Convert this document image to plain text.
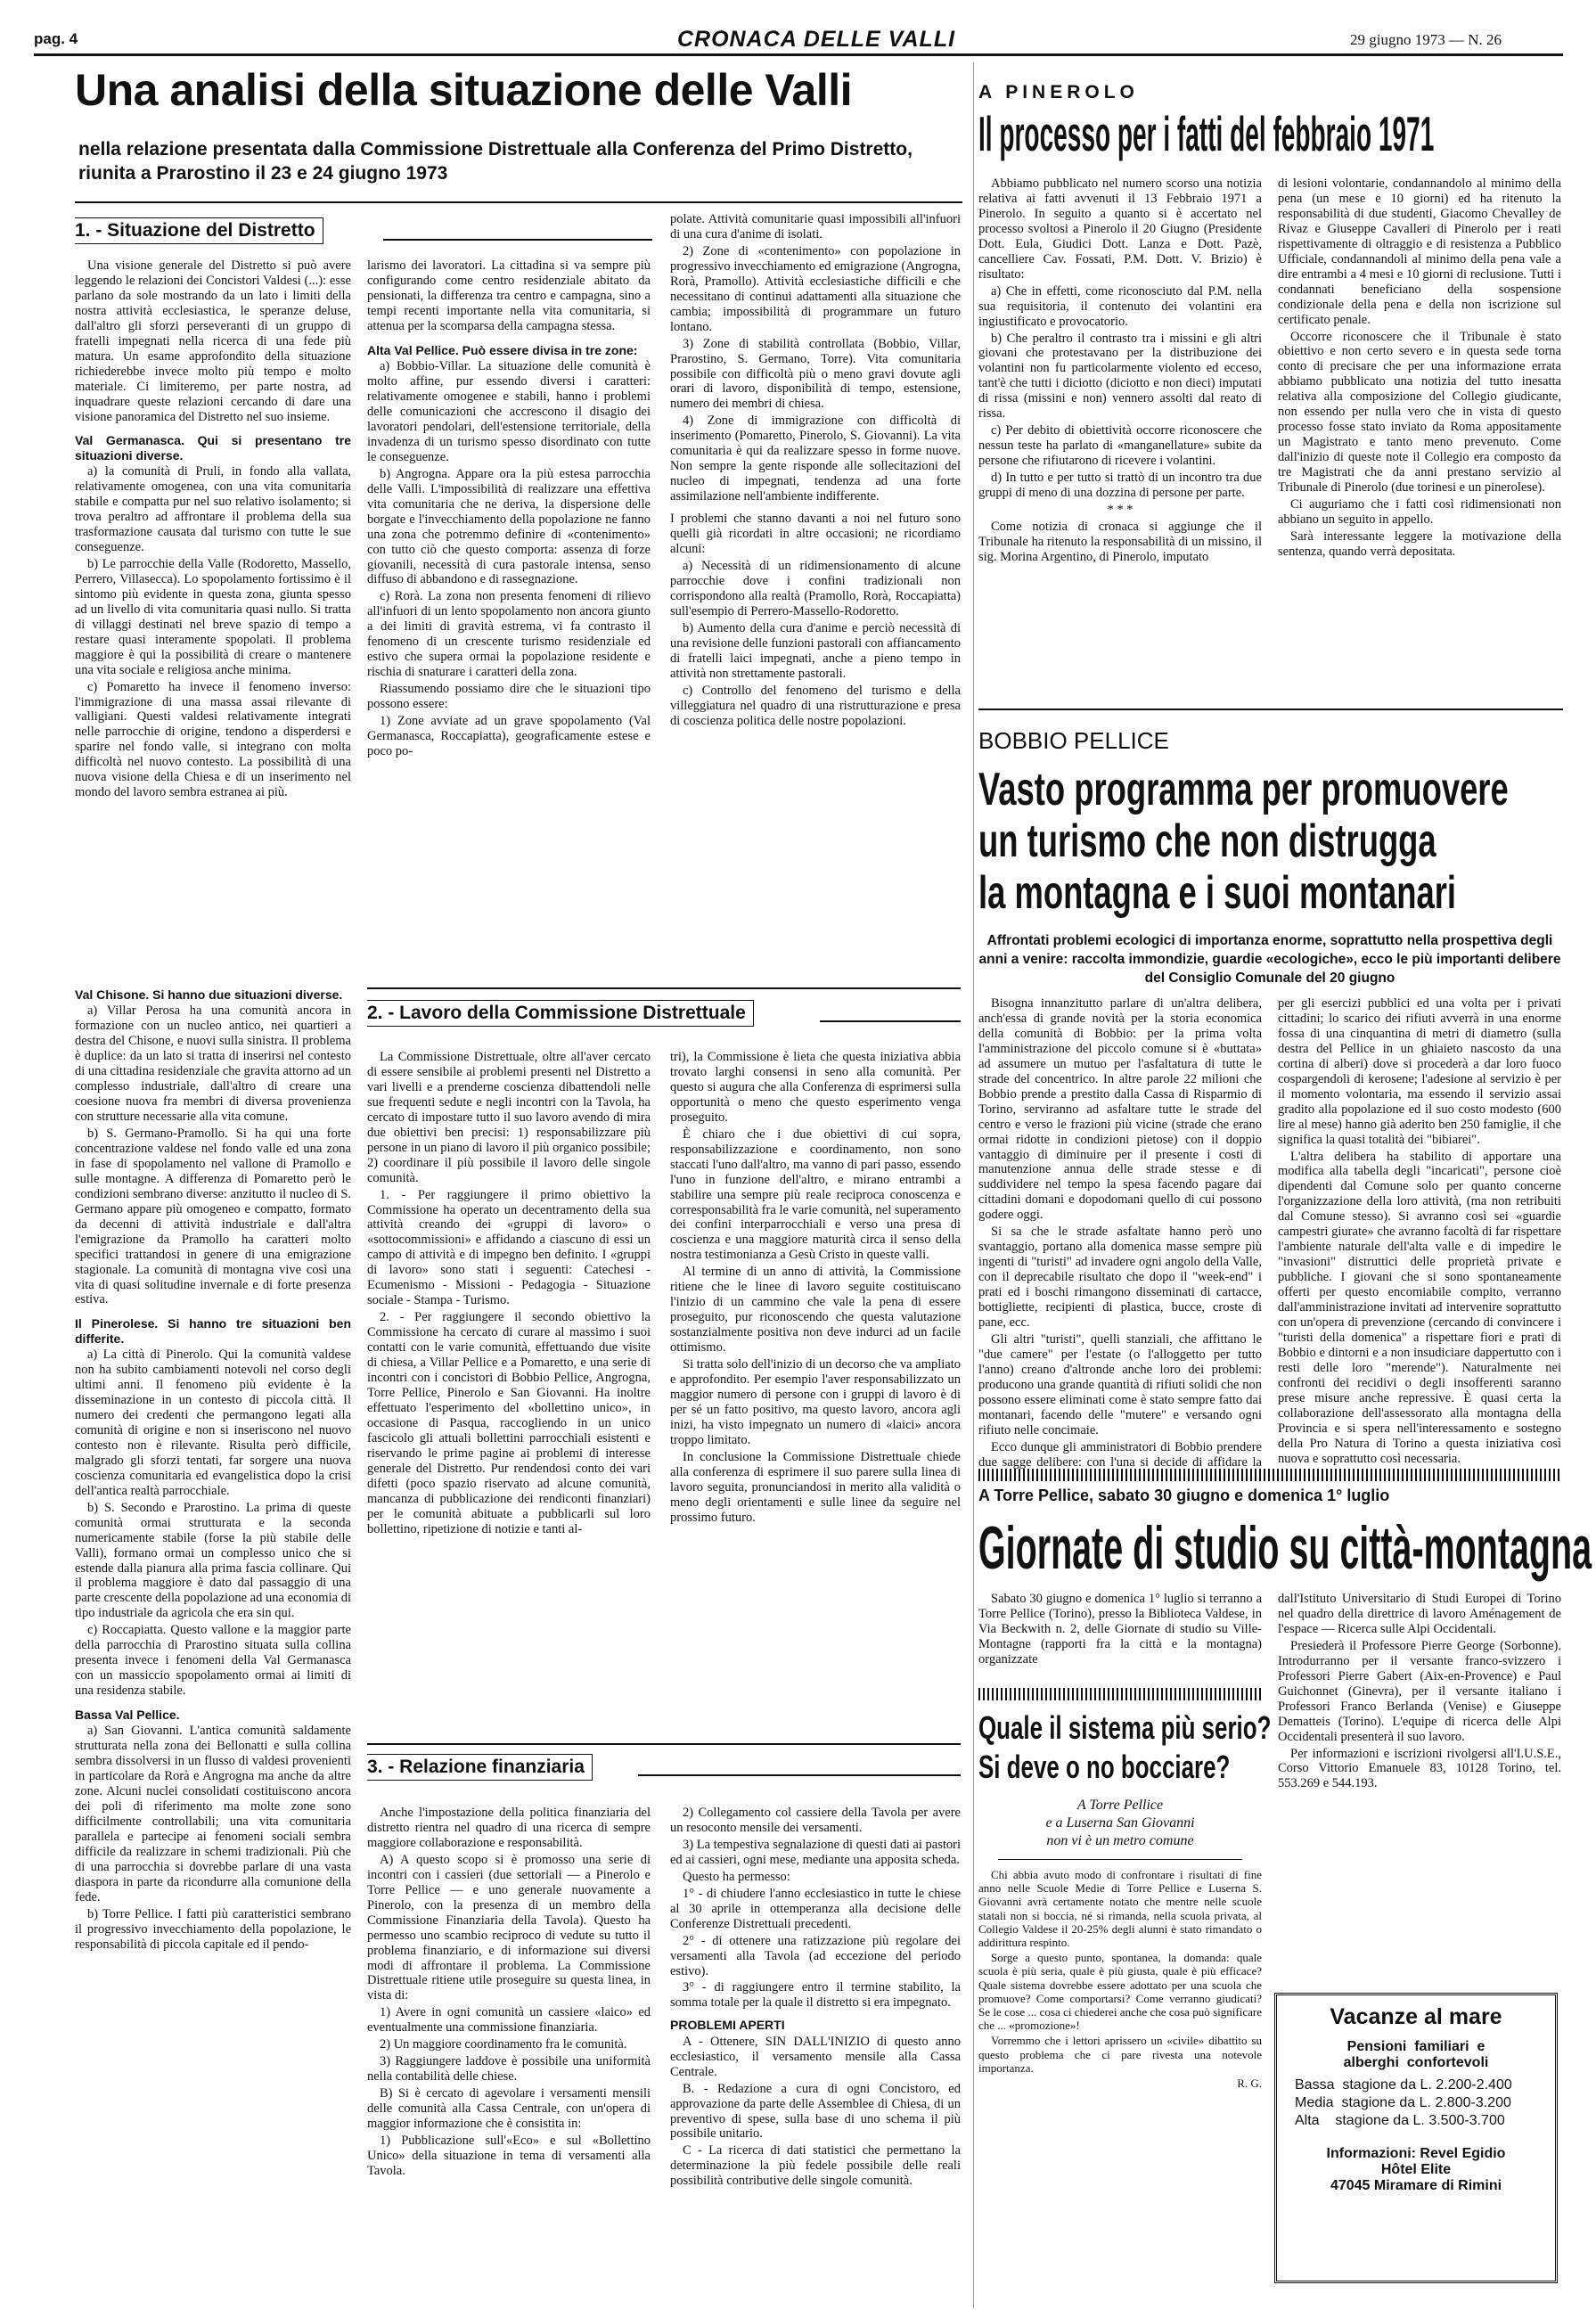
pag. 4	CRONACA DELLE VALLI	29 giugno 1973 — N. 26
Una analisi della situazione delle Valli
nella relazione presentata dalla Commissione Distrettuale alla Conferenza del Primo Distretto, riunita a Prarostino il 23 e 24 giugno 1973
1. - Situazione del Distretto

Una visione generale del Distretto si può avere leggendo le relazioni dei Concistori Valdesi (...): esse parlano da sole mostrando da un lato i limiti della nostra attività ecclesiastica, le speranze deluse, dall'altro gli sforzi perseveranti di un gruppo di fratelli impegnati nella ricerca di una fede più matura. Un esame approfondito della situazione richiederebbe invece molto più tempo e molto materiale. Ci limiteremo, per parte nostra, ad inquadrare queste relazioni cercando di dare una visione panoramica del Distretto nel suo insieme.

Val Germanasca. Qui si presentano tre situazioni diverse.

a) la comunità di Pruli, in fondo alla vallata, relativamente omogenea, con una vita comunitaria stabile e compatta pur nel suo relativo isolamento; si trova peraltro ad affrontare il problema della sua trasformazione causata dal turismo con tutte le sue conseguenze.

b) Le parrocchie della Valle (Rodoretto, Massello, Perrero, Villasecca). Lo spopolamento fortissimo è il sintomo più evidente in questa zona, giunta spesso ad un livello di vita comunitaria quasi nullo. Si tratta di villaggi destinati nel breve spazio di tempo a restare quasi interamente spopolati. Il problema maggiore è qui la possibilità di creare o mantenere una vita sociale e religiosa anche minima.

c) Pomaretto ha invece il fenomeno inverso: l'immigrazione di una massa assai rilevante di valligiani. Questi valdesi relativamente integrati nelle parrocchie di origine, tendono a disperdersi e sparire nel fondo valle, si integrano con molta difficoltà nel nuovo contesto. La possibilità di una nuova visione della Chiesa e di un inserimento nel mondo del lavoro sembra estranea ai più.

larismo dei lavoratori. La cittadina si va sempre più configurando come centro residenziale abitato da pensionati, la differenza tra centro e campagna, sino a tempi recenti importante nella vita comunitaria, si attenua per la scomparsa della campagna stessa.

Alta Val Pellice. Può essere divisa in tre zone:

a) Bobbio-Villar. La situazione delle comunità è molto affine, pur essendo diversi i caratteri: relativamente omogenee e stabili, hanno i problemi delle comunicazioni che accrescono il disagio dei lavoratori pendolari, dell'estensione territoriale, della invadenza di un turismo spesso disordinato con tutte le conseguenze.

b) Angrogna. Appare ora la più estesa parrocchia delle Valli. L'impossibilità di realizzare una effettiva vita comunitaria che ne deriva, la dispersione delle borgate e l'invecchiamento della popolazione ne fanno una zona che potremmo definire di «contenimento» con tutto ciò che questo comporta: assenza di forze giovanili, necessità di cura pastorale intensa, senso diffuso di abbandono e di rassegnazione.

c) Rorà. La zona non presenta fenomeni di rilievo all'infuori di un lento spopolamento non ancora giunto a dei limiti di gravità estrema, vi fa contrasto il fenomeno di un crescente turismo residenziale ed estivo che supera ormai la popolazione residente e rischia di snaturare i caratteri della zona.

Riassumendo possiamo dire che le situazioni tipo possono essere:

1) Zone avviate ad un grave spopolamento (Val Germanasca, Roccapiatta), geograficamente estese e poco po-

polate. Attività comunitarie quasi impossibili all'infuori di una cura d'anime di isolati.

2) Zone di «contenimento» con popolazione in progressivo invecchiamento ed emigrazione (Angrogna, Rorà, Pramollo). Attività ecclesiastiche difficili e che necessitano di continui adattamenti alla situazione che cambia; impossibilità di programmare un futuro lontano.

3) Zone di stabilità controllata (Bobbio, Villar, Prarostino, S. Germano, Torre). Vita comunitaria possibile con difficoltà più o meno gravi dovute agli orari di lavoro, disponibilità di tempo, estensione, numero dei membri di chiesa.

4) Zone di immigrazione con difficoltà di inserimento (Pomaretto, Pinerolo, S. Giovanni). La vita comunitaria è qui da realizzare spesso in forme nuove. Non sempre la gente risponde alle sollecitazioni del nucleo di impegnati, tendenza ad una forte assimilazione nell'ambiente indifferente.

I problemi che stanno davanti a noi nel futuro sono quelli già ricordati in altre occasioni; ne ricordiamo alcuni:

a) Necessità di un ridimensionamento di alcune parrocchie dove i confini tradizionali non corrispondono alla realtà (Pramollo, Rorà, Roccapiatta) sull'esempio di Perrero-Massello-Rodoretto.

b) Aumento della cura d'anime e perciò necessità di una revisione delle funzioni pastorali con affiancamento di fratelli laici impegnati, anche a pieno tempo in attività non strettamente pastorali.

c) Controllo del fenomeno del turismo e della villeggiatura nel quadro di una ristrutturazione e presa di coscienza politica delle nostre popolazioni.

Val Chisone. Si hanno due situazioni diverse.

a) Villar Perosa ha una comunità ancora in formazione con un nucleo antico, nei quartieri a destra del Chisone, e nuovi sulla sinistra. Il problema è duplice: da un lato si tratta di inserirsi nel contesto di una cittadina residenziale che gravita attorno ad un complesso industriale, dall'altro di creare una coesione nuova fra membri di diversa provenienza con strutture necessarie alla vita comune.

b) S. Germano-Pramollo. Si ha qui una forte concentrazione valdese nel fondo valle ed una zona in fase di spopolamento nel vallone di Pramollo e sulle montagne. A differenza di Pomaretto però le condizioni sembrano diverse: anzitutto il nucleo di S. Germano appare più omogeneo e compatto, formato da decenni di attività industriale e dall'altra l'emigrazione da Pramollo ha caratteri molto specifici trattandosi in genere di una emigrazione stagionale. La comunità di montagna vive così una vita di quasi solitudine invernale e di forte presenza estiva.

Il Pinerolese. Si hanno tre situazioni ben differite.

a) La città di Pinerolo. Qui la comunità valdese non ha subito cambiamenti notevoli nel corso degli ultimi anni. Il fenomeno più evidente è la disseminazione in un contesto di piccola città. Il numero dei credenti che permangono legati alla comunità di origine e non si inseriscono nel nuovo contesto non è rilevante. Risulta però difficile, malgrado gli sforzi tentati, far sorgere una nuova coscienza comunitaria ed evangelistica dopo la crisi dell'antica realtà parrocchiale.

b) S. Secondo e Prarostino. La prima di queste comunità ormai strutturata e la seconda numericamente stabile (forse la più stabile delle Valli), formano ormai un complesso unico che si estende dalla pianura alla prima fascia collinare. Qui il problema maggiore è dato dal passaggio di una parte crescente della popolazione ad una economia di tipo industriale da agricola che era sin qui.

c) Roccapiatta. Questo vallone e la maggior parte della parrocchia di Prarostino situata sulla collina presenta invece i fenomeni della Val Germanasca con un massiccio spopolamento ormai ai limiti di una residenza stabile.

Bassa Val Pellice.

a) San Giovanni. L'antica comunità saldamente strutturata nella zona dei Bellonatti e sulla collina sembra dissolversi in un flusso di valdesi provenienti in particolare da Rorà e Angrogna ma anche da altre zone. Alcuni nuclei consolidati costituiscono ancora dei poli di riferimento ma molte zone sono difficilmente controllabili; una vita comunitaria parallela e partecipe ai fenomeni sociali sembra difficile da realizzare in schemi tradizionali. Più che di una parrocchia si dovrebbe parlare di una vasta diaspora in parte da ricondurre alla comunione della fede.

b) Torre Pellice. I fatti più caratteristici sembrano il progressivo invecchiamento della popolazione, le responsabilità di piccola capitale ed il pendo-

2. - Lavoro della Commissione Distrettuale

La Commissione Distrettuale, oltre all'aver cercato di essere sensibile ai problemi presenti nel Distretto a vari livelli e a prenderne coscienza dibattendoli nelle sue frequenti sedute e negli incontri con la Tavola, ha cercato di impostare tutto il suo lavoro avendo di mira due obiettivi ben precisi: 1) responsabilizzare più persone in un piano di lavoro il più organico possibile; 2) coordinare il più possibile il lavoro delle singole comunità.

1. - Per raggiungere il primo obiettivo la Commissione ha operato un decentramento della sua attività creando dei «gruppi di lavoro» o «sottocommissioni» e affidando a ciascuno di essi un campo di attività e di impegno ben definito. I «gruppi di lavoro» sono stati i seguenti: Catechesi - Ecumenismo - Missioni - Pedagogia - Situazione sociale - Stampa - Turismo.

2. - Per raggiungere il secondo obiettivo la Commissione ha cercato di curare al massimo i suoi contatti con le varie comunità, effettuando due visite di chiesa, a Villar Pellice e a Pomaretto, e una serie di incontri con i concistori di Bobbio Pellice, Angrogna, Torre Pellice, Pinerolo e San Giovanni. Ha inoltre effettuato l'esperimento del «bollettino unico», in occasione di Pasqua, raccogliendo in un unico fascicolo gli attuali bollettini parrocchiali esistenti e riservando le prime pagine ai problemi di interesse generale del Distretto. Pur rendendosi conto dei vari difetti (poco spazio riservato ad alcune comunità, mancanza di pubblicazione dei rendiconti finanziari) per le comunità abituate a pubblicarli sul loro bollettino, ripetizione di notizie e tanti al-

tri), la Commissione è lieta che questa iniziativa abbia trovato larghi consensi in seno alla comunità. Per questo si augura che alla Conferenza di esprimersi sulla opportunità o meno che questo esperimento venga proseguito.

È chiaro che i due obiettivi di cui sopra, responsabilizzazione e coordinamento, non sono staccati l'uno dall'altro, ma vanno di pari passo, essendo l'uno in funzione dell'altro, e mirano entrambi a stabilire una sempre più reale reciproca conoscenza e corresponsabilità fra le varie comunità, nel superamento dei confini interparrocchiali e verso una presa di coscienza e una maggiore maturità circa il senso della nostra testimonianza a Gesù Cristo in queste valli.

Al termine di un anno di attività, la Commissione ritiene che le linee di lavoro seguite costituiscano l'inizio di un cammino che vale la pena di essere proseguito, pur riconoscendo che questa valutazione sostanzialmente positiva non deve indurci ad un facile ottimismo.

Si tratta solo dell'inizio di un decorso che va ampliato e approfondito. Per esempio l'aver responsabilizzato un maggior numero di persone con i gruppi di lavoro è di per sé un fatto positivo, ma questo lavoro, ancora agli inizi, ha visto impegnato un numero di «laici» ancora troppo limitato.

In conclusione la Commissione Distrettuale chiede alla conferenza di esprimere il suo parere sulla linea di lavoro seguita, pronunciandosi in merito alla validità o meno degli orientamenti e sulle linee da seguire nel prossimo futuro.

3. - Relazione finanziaria

Anche l'impostazione della politica finanziaria del distretto rientra nel quadro di una ricerca di sempre maggiore collaborazione e responsabilità.

A) A questo scopo si è promosso una serie di incontri con i cassieri (due settoriali — a Pinerolo e Torre Pellice — e uno generale nuovamente a Pinerolo, con la presenza di un membro della Commissione Finanziaria della Tavola). Questo ha permesso uno scambio reciproco di vedute su tutto il problema finanziario, e di informazione sui diversi modi di affrontare il problema. La Commissione Distrettuale ritiene utile proseguire su questa linea, in vista di:

1) Avere in ogni comunità un cassiere «laico» ed eventualmente una commissione finanziaria.

2) Un maggiore coordinamento fra le comunità.

3) Raggiungere laddove è possibile una uniformità nella contabilità delle chiese.

B) Si è cercato di agevolare i versamenti mensili delle comunità alla Cassa Centrale, con un'opera di maggior informazione che è consistita in:

1) Pubblicazione sull'«Eco» e sul «Bollettino Unico» della situazione in tema di versamenti alla Tavola.

2) Collegamento col cassiere della Tavola per avere un resoconto mensile dei versamenti.

3) La tempestiva segnalazione di questi dati ai pastori ed ai cassieri, ogni mese, mediante una apposita scheda.

Questo ha permesso:

1° - di chiudere l'anno ecclesiastico in tutte le chiese al 30 aprile in ottemperanza alla decisione delle Conferenze Distrettuali precedenti.

2° - di ottenere una ratizzazione più regolare dei versamenti alla Tavola (ad eccezione del periodo estivo).

3° - di raggiungere entro il termine stabilito, la somma totale per la quale il distretto si era impegnato.

PROBLEMI APERTI

A - Ottenere, SIN DALL'INIZIO di questo anno ecclesiastico, il versamento mensile alla Cassa Centrale.

B. - Redazione a cura di ogni Concistoro, ed approvazione da parte delle Assemblee di Chiesa, di un preventivo di spese, sulla base di uno schema il più possibile unitario.

C - La ricerca di dati statistici che permettano la determinazione la più fedele possibile delle reali possibilità contributive delle singole comunità.

A PINEROLO
Il processo per i fatti del febbraio 1971

Abbiamo pubblicato nel numero scorso una notizia relativa ai fatti avvenuti il 13 Febbraio 1971 a Pinerolo. In seguito a quanto si è accertato nel processo svoltosi a Pinerolo il 20 Giugno (Presidente Dott. Eula, Giudici Dott. Lanza e Dott. Pazè, cancelliere Cav. Fossati, P.M. Dott. V. Brizio) è risultato:

a) Che in effetti, come riconosciuto dal P.M. nella sua requisitoria, il contenuto dei volantini era ingiustificato e provocatorio.

b) Che peraltro il contrasto tra i missini e gli altri giovani che protestavano per la distribuzione dei volantini non fu particolarmente violento ed ecceso, tant'è che tutti i diciotto (diciotto e non dieci) imputati di rissa (missini e non) vennero assolti dal reato di rissa.

c) Per debito di obiettività occorre riconoscere che nessun teste ha parlato di «manganellature» subite da persone che rifiutarono di ricevere i volantini.

d) In tutto e per tutto si trattò di un incontro tra due gruppi di meno di una dozzina di persone per parte.

* * *

Come notizia di cronaca si aggiunge che il Tribunale ha ritenuto la responsabilità di un missino, il sig. Morina Argentino, di Pinerolo, imputato

di lesioni volontarie, condannandolo al minimo della pena (un mese e 10 giorni) ed ha ritenuto la responsabilità di due studenti, Giacomo Chevalley de Rivaz e Giuseppe Cavalleri di Pinerolo per i reati rispettivamente di oltraggio e di resistenza a Pubblico Ufficiale, condannandoli al minimo della pena vale a dire entrambi a 4 mesi e 10 giorni di reclusione. Tutti i condannati beneficiano della sospensione condizionale della pena e della non iscrizione sul certificato penale.

Occorre riconoscere che il Tribunale è stato obiettivo e non certo severo e in questa sede torna conto di precisare che per una informazione errata abbiamo pubblicato una notizia del tutto inesatta relativa alla composizione del Collegio giudicante, non essendo per nulla vero che in vista di questo processo fosse stato inviato da Roma appositamente un Magistrato e tanto meno prevenuto. Come dall'inizio di queste note il Collegio era composto da tre Magistrati che da anni prestano servizio al Tribunale di Pinerolo (due torinesi e un pinerolese).

Ci auguriamo che i fatti così ridimensionati non abbiano un seguito in appello.

Sarà interessante leggere la motivazione della sentenza, quando verrà depositata.

BOBBIO PELLICE
Vasto programma per promuovere
un turismo che non distrugga
la montagna e i suoi montanari
Affrontati problemi ecologici di importanza enorme, soprattutto nella prospettiva degli anni a venire: raccolta immondizie, guardie «ecologiche», ecco le più importanti delibere del Consiglio Comunale del 20 giugno

Bisogna innanzitutto parlare di un'altra delibera, anch'essa di grande novità per la storia economica della comunità di Bobbio: per la prima volta l'amministrazione del piccolo comune si è «buttata» ad assumere un mutuo per l'asfaltatura di tutte le strade del concentrico. In altre parole 22 milioni che Bobbio prende a prestito dalla Cassa di Risparmio di Torino, serviranno ad asfaltare tutte le strade del centro e verso le frazioni più vicine (strade che erano ormai ridotte in condizioni pietose) con il doppio vantaggio di diminuire per il presente i costi di manutenzione annua delle strade stesse e di suddividere nel tempo la spesa facendo pagare dai cittadini domani e dopodomani quello di cui possono godere oggi.

Si sa che le strade asfaltate hanno però uno svantaggio, portano alla domenica masse sempre più ingenti di "turisti" ad invadere ogni angolo della Valle, con il deprecabile risultato che dopo il "week-end" i prati ed i boschi rimangono disseminati di cartacce, bottigliette, recipienti di plastica, bucce, croste di pane, ecc.

Gli altri "turisti", quelli stanziali, che affittano le "due camere" per l'estate (o l'alloggetto per tutto l'anno) creano d'altronde anche loro dei problemi: producono una grande quantità di rifiuti solidi che non possono essere eliminati come è stato sempre fatto dai montanari, facendo delle "mutere" e versando ogni rifiuto nelle concimaie.

Ecco dunque gli amministratori di Bobbio prendere due sagge delibere: con l'una si decide di affidare la

per gli esercizi pubblici ed una volta per i privati cittadini; lo scarico dei rifiuti avverrà in una enorme fossa di una cinquantina di metri di diametro (sulla destra del Pellice in un ghiaieto nascosto da una cortina di alberi) dove si procederà a dar loro fuoco cospargendoli di kerosene; l'adesione al servizio è per il momento volontaria, ma essendo il servizio assai gradito alla popolazione ed il suo costo modesto (600 lire al mese) hanno già aderito ben 250 famiglie, il che significa la quasi totalità dei "bibiarei".

L'altra delibera ha stabilito di apportare una modifica alla tabella degli "incaricati", persone cioè dipendenti dal Comune solo per quanto concerne l'organizzazione della loro attività, (ma non retribuiti dal Comune stesso). Si avranno così sei «guardie campestri giurate» che avranno facoltà di far rispettare l'ambiente naturale dell'alta valle e di impedire le "invasioni" distruttici delle proprietà private e pubbliche. I giovani che si sono spontaneamente offerti per questo encomiabile compito, verranno dall'amministrazione invitati ad intervenire soprattutto con un'opera di prevenzione (cercando di convincere i "turisti della domenica" a rispettare fiori e prati di Bobbio e dintorni e a non insudiciare dappertutto con i resti delle loro "merende"). Naturalmente nei confronti dei recidivi o degli insofferenti saranno prese misure anche repressive. È quasi certa la collaborazione dell'assessorato alla montagna della Provincia e si spera nell'interessamento e sostegno della Pro Natura di Torino a questa iniziativa così nuova e soprattutto così necessaria.

A Torre Pellice, sabato 30 giugno e domenica 1° luglio
Giornate di studio su città-montagna

Sabato 30 giugno e domenica 1° luglio si terranno a Torre Pellice (Torino), presso la Biblioteca Valdese, in Via Beckwith n. 2, delle Giornate di studio su Ville-Montagne (rapporti fra la città e la montagna) organizzate

dall'Istituto Universitario di Studi Europei di Torino nel quadro della direttrice di lavoro Aménagement de l'espace — Ricerca sulle Alpi Occidentali.

Presiederà il Professore Pierre George (Sorbonne). Introdurranno per il versante franco-svizzero i Professori Pierre Gabert (Aix-en-Provence) e Paul Guichonnet (Ginevra), per il versante italiano i Professori Franco Berlanda (Venise) e Giuseppe Dematteis (Torino). L'equipe di ricerca delle Alpi Occidentali presenterà il suo lavoro.

Per informazioni e iscrizioni rivolgersi all'I.U.S.E., Corso Vittorio Emanuele 83, 10128 Torino, tel. 553.269 e 544.193.

Quale il sistema più serio?
Si deve o no bocciare?
A Torre Pellice
e a Luserna San Giovanni
non vi è un metro comune

Chi abbia avuto modo di confrontare i risultati di fine anno nelle Scuole Medie di Torre Pellice e Luserna S. Giovanni avrà certamente notato che mentre nelle scuole statali non si boccia, né si rimanda, nella scuola privata, al Collegio Valdese il 20-25% degli alunni è stato rimandato o addirittura respinto.

Sorge a questo punto, spontanea, la domanda: quale scuola è più seria, quale è più giusta, quale è più efficace? Quale sistema dovrebbe essere adottato per una scuola che promuove? Come comportarsi? Come verranno giudicati? Se le cose ... cosa ci chiederei anche che cosa può significare che ... «promozione»!

Vorremmo che i lettori aprissero un «civile» dibattito su questo problema che ci pare rivesta una notevole importanza.

R. G.

Vacanze al mare
Pensioni  familiari  e
alberghi  confortevoli
Bassa  stagione da L. 2.200-2.400
Media  stagione da L. 2.800-3.200
Alta    stagione da L. 3.500-3.700
Informazioni: Revel Egidio
Hôtel Elite
47045 Miramare di Rimini
